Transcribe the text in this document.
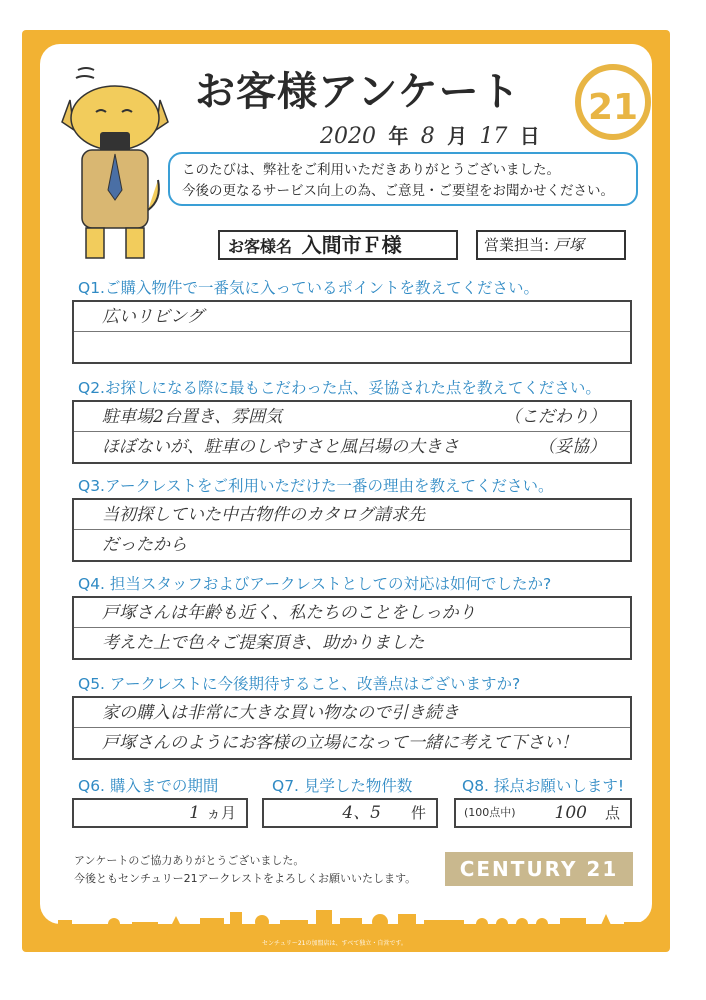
お客様アンケート	21
2020 年 8 月 17 日
このたびは、弊社をご利用いただきありがとうございました。
今後の更なるサービス向上の為、ご意見・ご要望をお聞かせください。
お客様名 入間市Ｆ様	営業担当: 戸塚
Q1.ご購入物件で一番気に入っているポイントを教えてください。
広いリビング
Q2.お探しになる際に最もこだわった点、妥協された点を教えてください。
駐車場2台置き、雰囲気	（こだわり）
ほぼないが、駐車のしやすさと風呂場の大きさ	（妥協）
Q3.アークレストをご利用いただけた一番の理由を教えてください。
当初探していた中古物件のカタログ請求先
だったから
Q4. 担当スタッフおよびアークレストとしての対応は如何でしたか?
戸塚さんは年齢も近く、私たちのことをしっかり
考えた上で色々ご提案頂き、助かりました
Q5. アークレストに今後期待すること、改善点はございますか?
家の購入は非常に大きな買い物なので引き続き
戸塚さんのようにお客様の立場になって一緒に考えて下さい！
Q6. 購入までの期間	Q7. 見学した物件数	Q8. 採点お願いします!
1 ヵ月	4、5 件	(100点中) 100 点
アンケートのご協力ありがとうございました。
今後ともセンチュリー21アークレストをよろしくお願いいたします。	CENTURY 21
センチュリー21の加盟店は、すべて独立・自営です。
